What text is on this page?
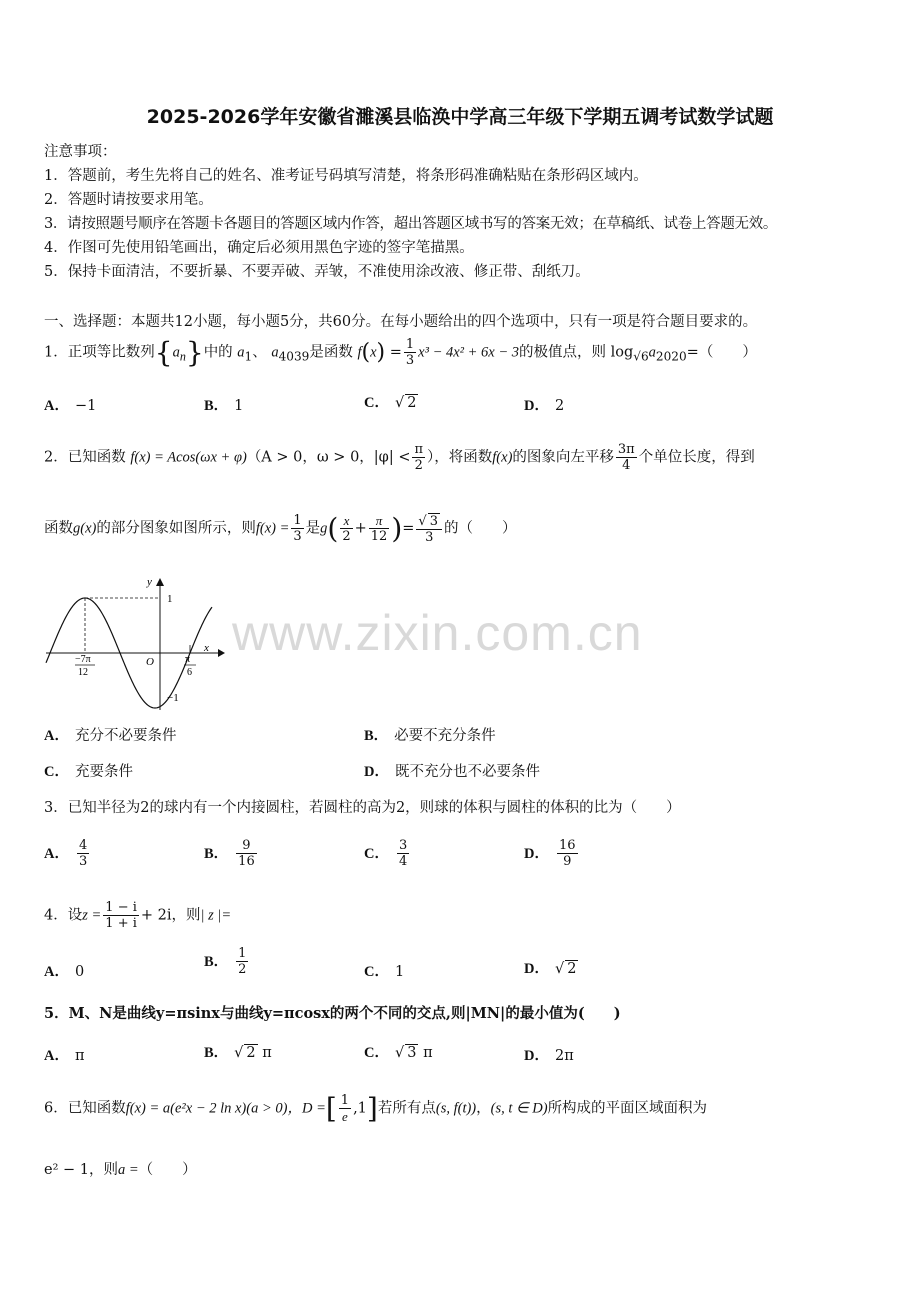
2025-2026学年安徽省濉溪县临涣中学高三年级下学期五调考试数学试题
注意事项：
1．答题前，考生先将自己的姓名、准考证号码填写清楚，将条形码准确粘贴在条形码区域内。
2．答题时请按要求用笔。
3．请按照题号顺序在答题卡各题目的答题区域内作答，超出答题区域书写的答案无效；在草稿纸、试卷上答题无效。
4．作图可先使用铅笔画出，确定后必须用黑色字迹的签字笔描黑。
5．保持卡面清洁，不要折暴、不要弄破、弄皱，不准使用涂改液、修正带、刮纸刀。
一、选择题：本题共12小题，每小题5分，共60分。在每小题给出的四个选项中，只有一项是符合题目要求的。
www.zixin.com.cn
1．正项等比数列$\{a_n\}$中的 $a_1$、 $a_{4039}$是函数 $f(x) = \frac{1}{3} x^3 - 4x^2 + 6x - 3$的极值点，则 $\log_{√6}a_{2020}=$（　　）
A． −1	B． 1	C． √ 2	D． 2
2．已知函数 f(x) = Acos(ωx + φ)（A > 0，ω > 0，$|\varphi| < \frac{\pi}{2}$ ），将函数f(x)的图象向左平移 $\frac{3\pi}{4}$ 个单位长度，得到
函数g(x)的部分图象如图所示，则$f(x) = \frac{1}{3}$ 是$g( \frac{x}{2} + \frac{\pi}{12}$ )= $\frac{√ 3}{3}$ 的（　　）
y
x
1
−1
O
−7π
12
π
6
A． 充分不必要条件	B． 必要不充分条件
C． 充要条件	D． 既不充分也不必要条件
3．已知半径为2的球内有一个内接圆柱，若圆柱的高为2，则球的体积与圆柱的体积的比为（　　）
A． $\frac{4}{3}$	B． $\frac{9}{16}$	C． $\frac{3}{4}$	D． $\frac{16}{9}$
4．设$z = \frac{1 - i}{1 + i} + 2i$，则| z |=
A． 0
B． $\frac{1}{2}$	C． 1	D． √ 2
5．M、N是曲线y=πsinx与曲线y=πcosx的两个不同的交点,则|MN|的最小值为(　　)
A． π	B． √ 2 π	C． √ 3 π	D． 2π
6．已知函数f(x) = a(e²x − 2 ln x)(a > 0)，D =[ $\frac{1}{e} ,1$]若所有点(s, f(t))，(s, t ∈ D)所构成的平面区域面积为
e² − 1，则a =（　　）
